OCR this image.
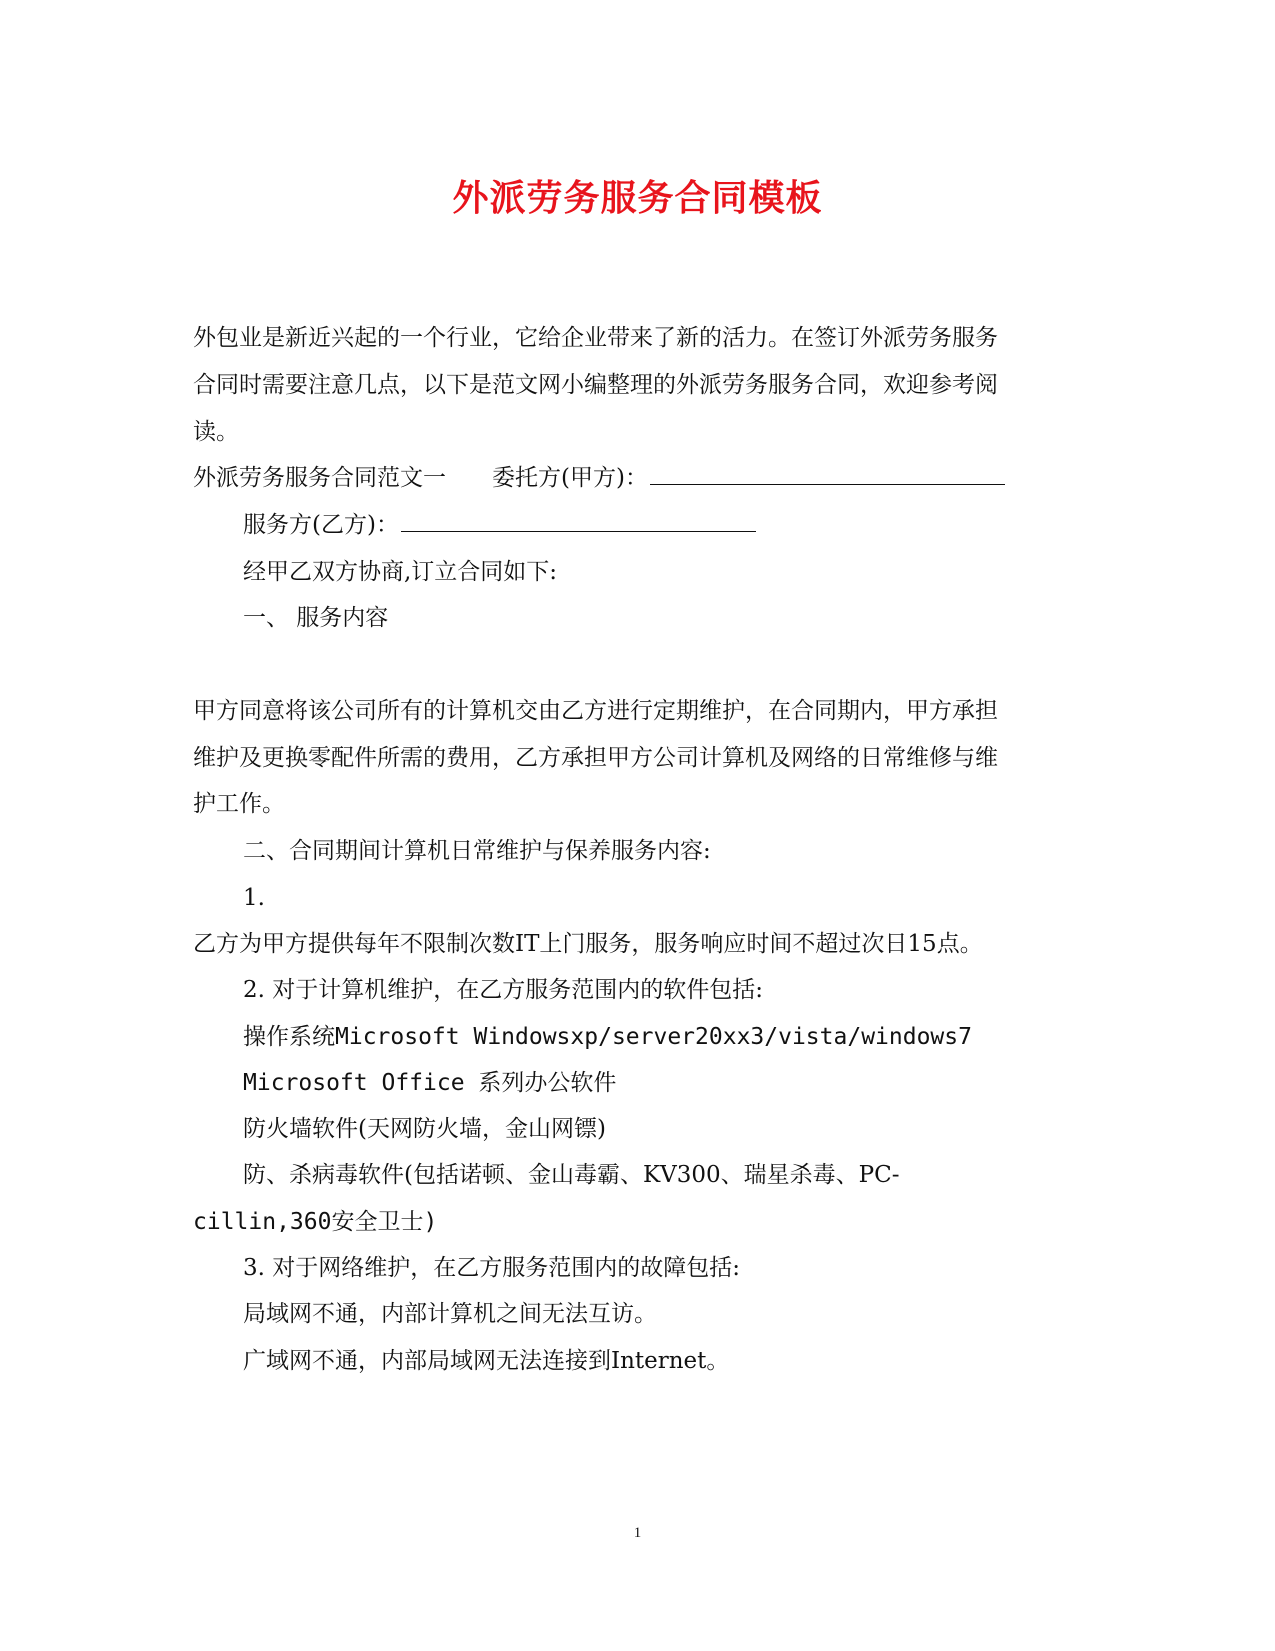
外派劳务服务合同模板
外包业是新近兴起的一个行业，它给企业带来了新的活力。在签订外派劳务服务
合同时需要注意几点，以下是范文网小编整理的外派劳务服务合同，欢迎参考阅
读。
外派劳务服务合同范文一 委托方(甲方)：
服务方(乙方)：
经甲乙双方协商,订立合同如下:
一、 服务内容
甲方同意将该公司所有的计算机交由乙方进行定期维护，在合同期内，甲方承担
维护及更换零配件所需的费用，乙方承担甲方公司计算机及网络的日常维修与维
护工作。
二、合同期间计算机日常维护与保养服务内容:
1.
乙方为甲方提供每年不限制次数IT上门服务，服务响应时间不超过次日15点。
2. 对于计算机维护，在乙方服务范围内的软件包括:
操作系统Microsoft Windowsxp/server20xx3/vista/windows7
Microsoft Office 系列办公软件
防火墙软件(天网防火墙，金山网镖)
防、杀病毒软件(包括诺顿、金山毒霸、KV300、瑞星杀毒、PC-
cillin,360安全卫士)
3. 对于网络维护，在乙方服务范围内的故障包括:
局域网不通，内部计算机之间无法互访。
广域网不通，内部局域网无法连接到Internet。
1
